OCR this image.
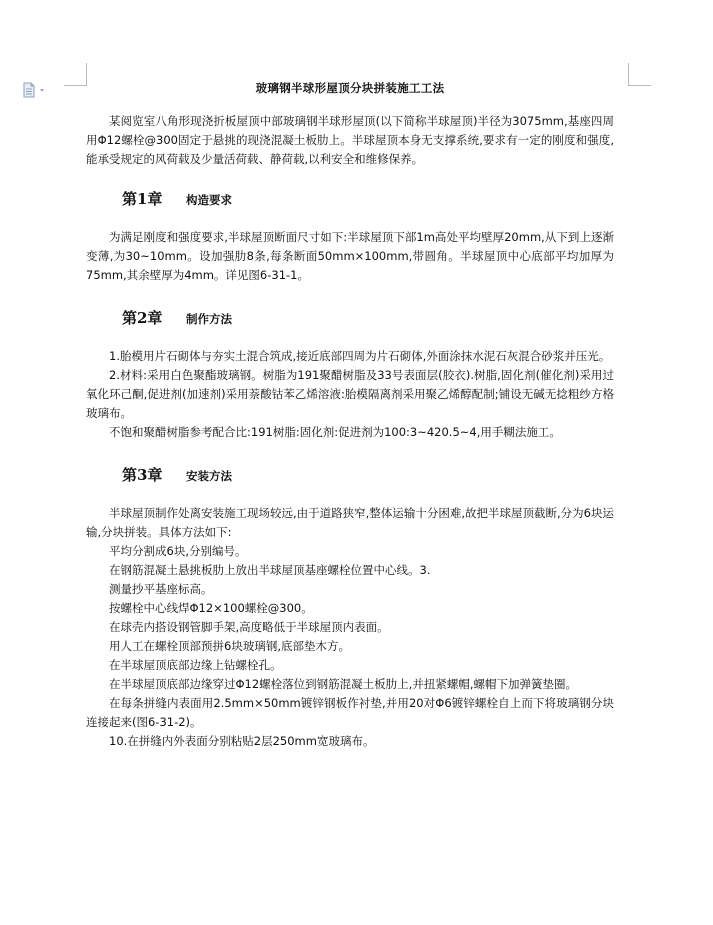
玻璃钢半球形屋顶分块拼装施工工法

某阅览室八角形现浇折板屋顶中部玻璃钢半球形屋顶(以下简称半球屋顶)半径为3075mm,基座四周用Φ12螺栓@300固定于悬挑的现浇混凝土板肋上。半球屋顶本身无支撑系统,要求有一定的刚度和强度,能承受规定的风荷载及少量活荷载、静荷载,以利安全和维修保养。

第1章	构造要求

为满足刚度和强度要求,半球屋顶断面尺寸如下:半球屋顶下部1m高处平均壁厚20mm,从下到上逐渐变薄,为30~10mm。设加强肋8条,每条断面50mm×100mm,带圆角。半球屋顶中心底部平均加厚为75mm,其余壁厚为4mm。详见图6-31-1。

第2章	制作方法

1.胎模用片石砌体与夯实土混合筑成,接近底部四周为片石砌体,外面涂抹水泥石灰混合砂浆并压光。

2.材料:采用白色聚酯玻璃钢。树脂为191聚醋树脂及33号表面层(胶衣).树脂,固化剂(催化剂)采用过氧化环己酮,促进剂(加速剂)采用萘酸钴苯乙烯溶液:胎模隔离剂采用聚乙烯醇配制;铺设无碱无捻粗纱方格玻璃布。

不饱和聚醋树脂参考配合比:191树脂:固化剂:促进剂为100:3~420.5~4,用手糊法施工。

第3章	安装方法

半球屋顶制作处离安装施工现场较远,由于道路狭窄,整体运输十分困难,故把半球屋顶截断,分为6块运输,分块拼装。具体方法如下:

平均分割成6块,分别编号。

在钢筋混凝土悬挑板肋上放出半球屋顶基座螺栓位置中心线。3.

测量抄平基座标高。

按螺栓中心线焊Φ12×100螺栓@300。

在球壳内搭设钢管脚手架,高度略低于半球屋顶内表面。

用人工在螺栓顶部预拼6块玻璃钢,底部垫木方。

在半球屋顶底部边缘上钻螺栓孔。

在半球屋顶底部边缘穿过Φ12螺栓落位到钢筋混凝土板肋上,并扭紧螺帽,螺帽下加弹簧垫圈。

在每条拼缝内表面用2.5mm×50mm镀锌钢板作衬垫,并用20对Φ6镀锌螺栓自上而下将玻璃钢分块连接起来(图6-31-2)。

10.在拼缝内外表面分别粘贴2层250mm宽玻璃布。
